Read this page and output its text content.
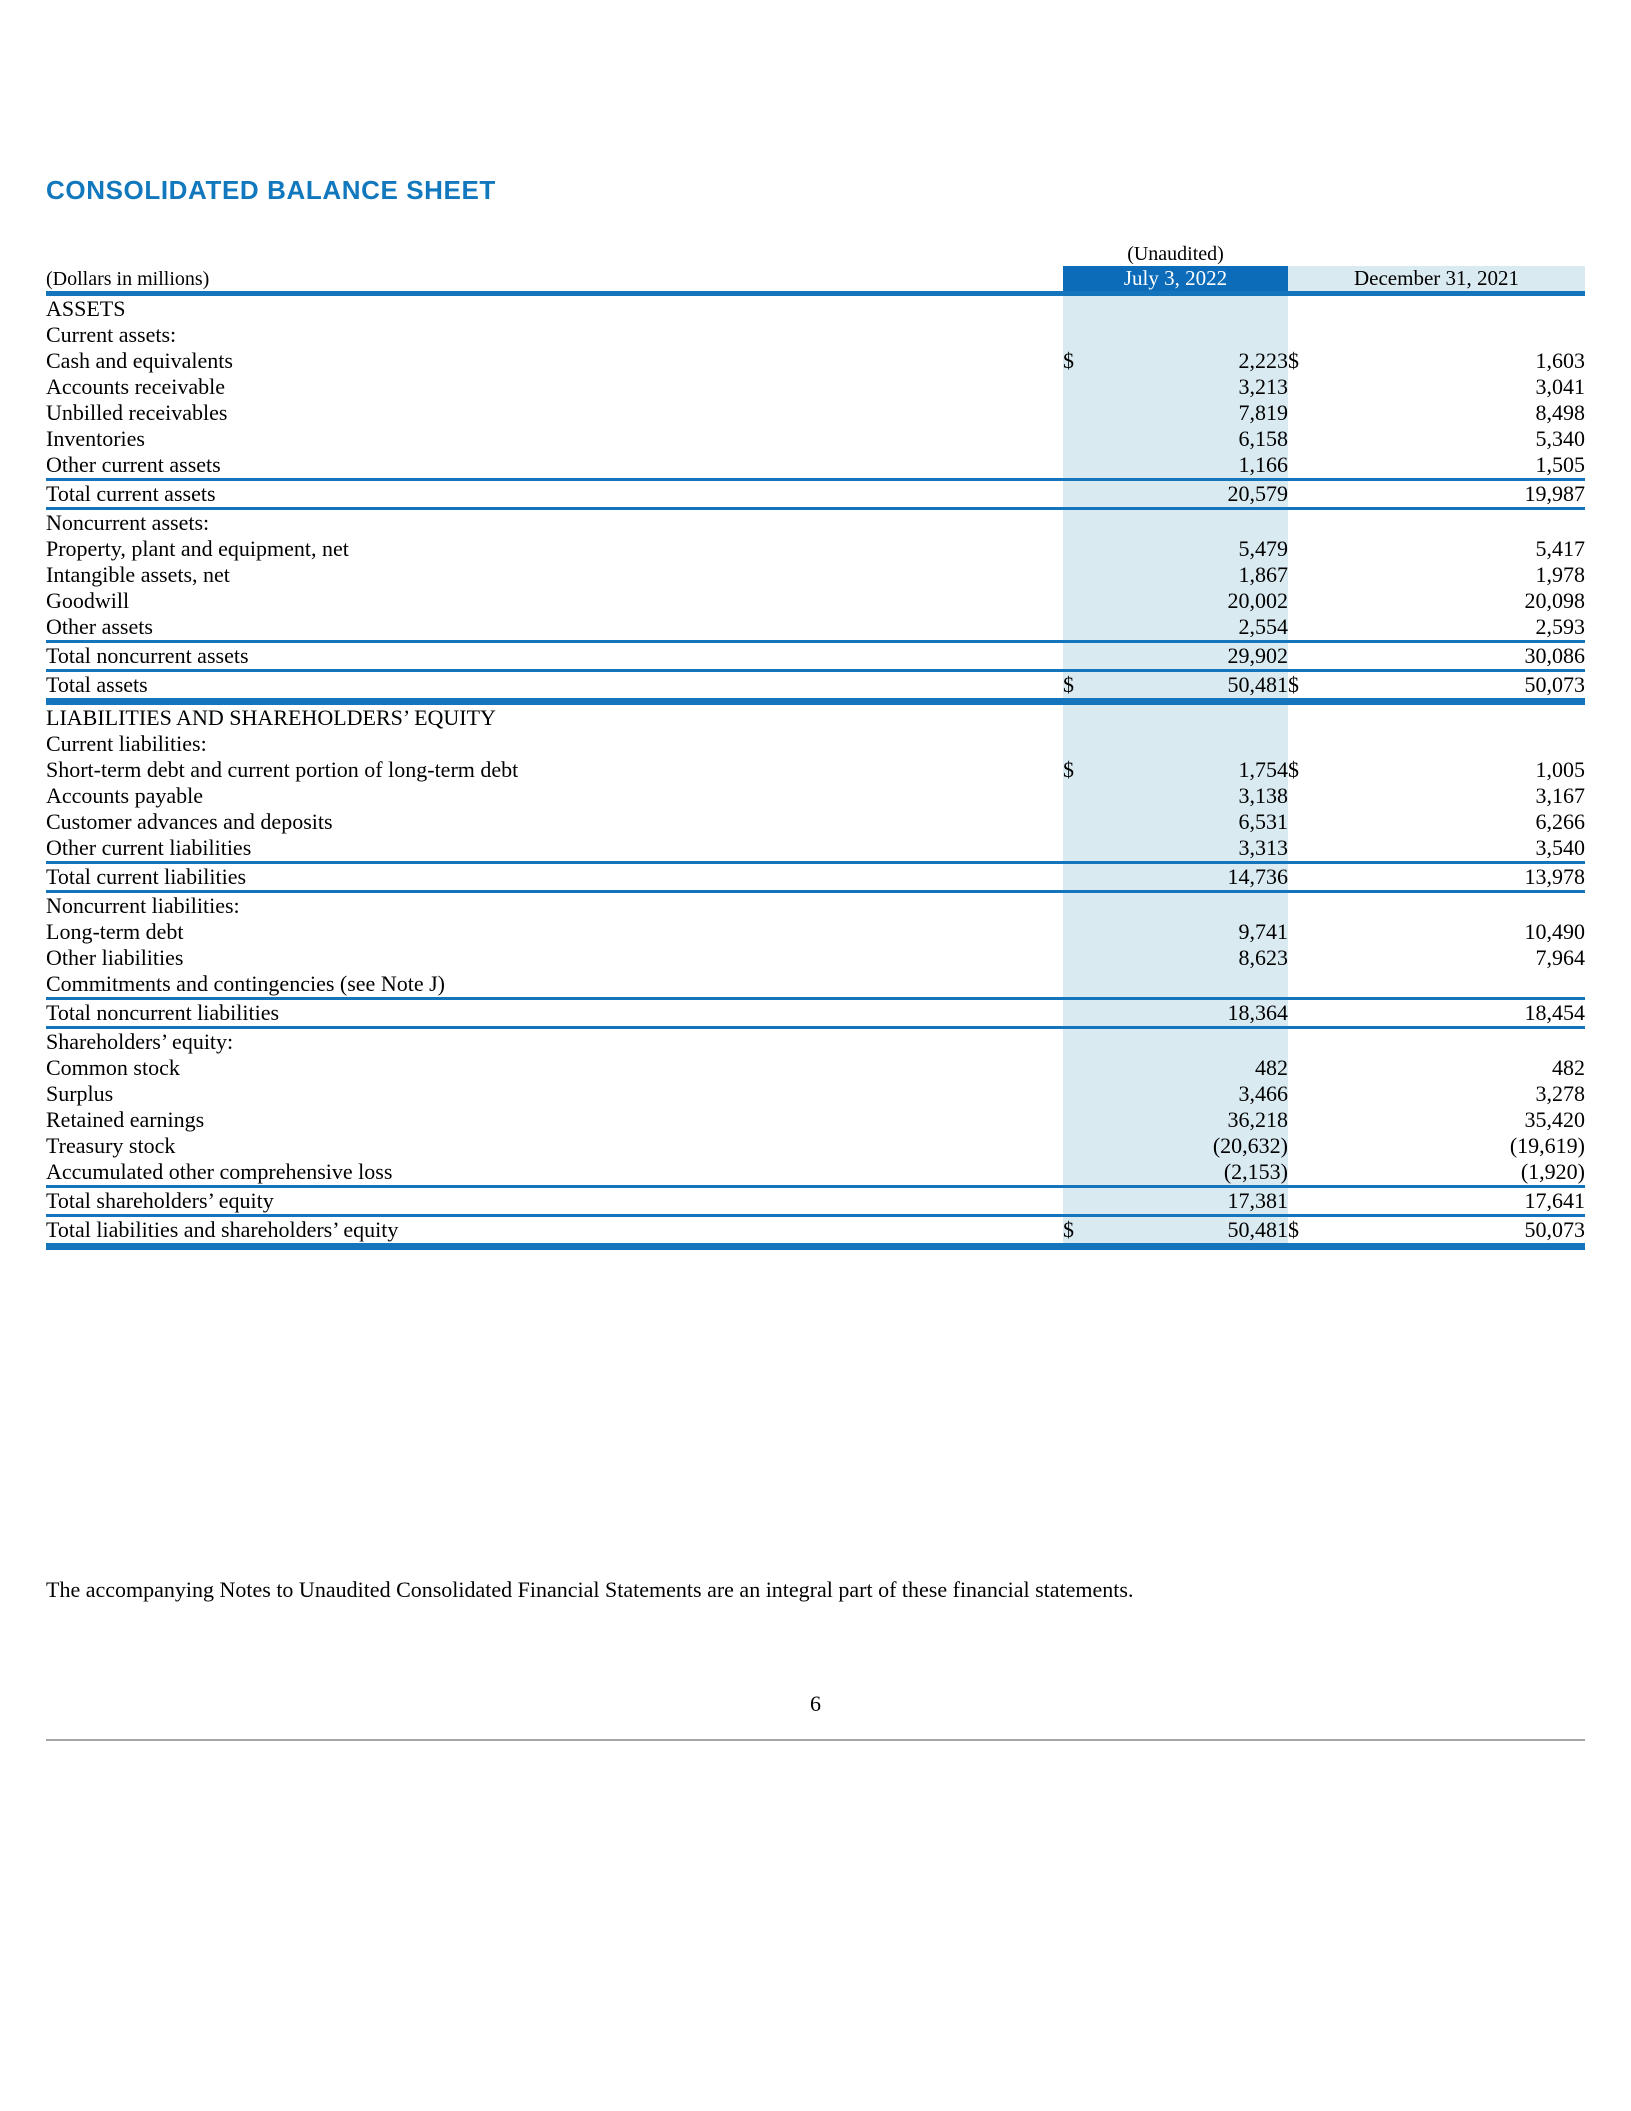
CONSOLIDATED BALANCE SHEET
	(Unaudited)			
(Dollars in millions)	July 3, 2022		December 31, 2021	
ASSETS				
Current assets:				
Cash and equivalents	$	2,223	$	1,603
Accounts receivable		3,213		3,041
Unbilled receivables		7,819		8,498
Inventories		6,158		5,340
Other current assets		1,166		1,505
Total current assets		20,579		19,987
Noncurrent assets:				
Property, plant and equipment, net		5,479		5,417
Intangible assets, net		1,867		1,978
Goodwill		20,002		20,098
Other assets		2,554		2,593
Total noncurrent assets		29,902		30,086
Total assets	$	50,481	$	50,073
LIABILITIES AND SHAREHOLDERS’ EQUITY				
Current liabilities:				
Short-term debt and current portion of long-term debt	$	1,754	$	1,005
Accounts payable		3,138		3,167
Customer advances and deposits		6,531		6,266
Other current liabilities		3,313		3,540
Total current liabilities		14,736		13,978
Noncurrent liabilities:				
Long-term debt		9,741		10,490
Other liabilities		8,623		7,964
Commitments and contingencies (see Note J)				
Total noncurrent liabilities		18,364		18,454
Shareholders’ equity:				
Common stock		482		482
Surplus		3,466		3,278
Retained earnings		36,218		35,420
Treasury stock		(20,632)		(19,619)
Accumulated other comprehensive loss		(2,153)		(1,920)
Total shareholders’ equity		17,381		17,641
Total liabilities and shareholders’ equity	$	50,481	$	50,073
The accompanying Notes to Unaudited Consolidated Financial Statements are an integral part of these financial statements.
6
